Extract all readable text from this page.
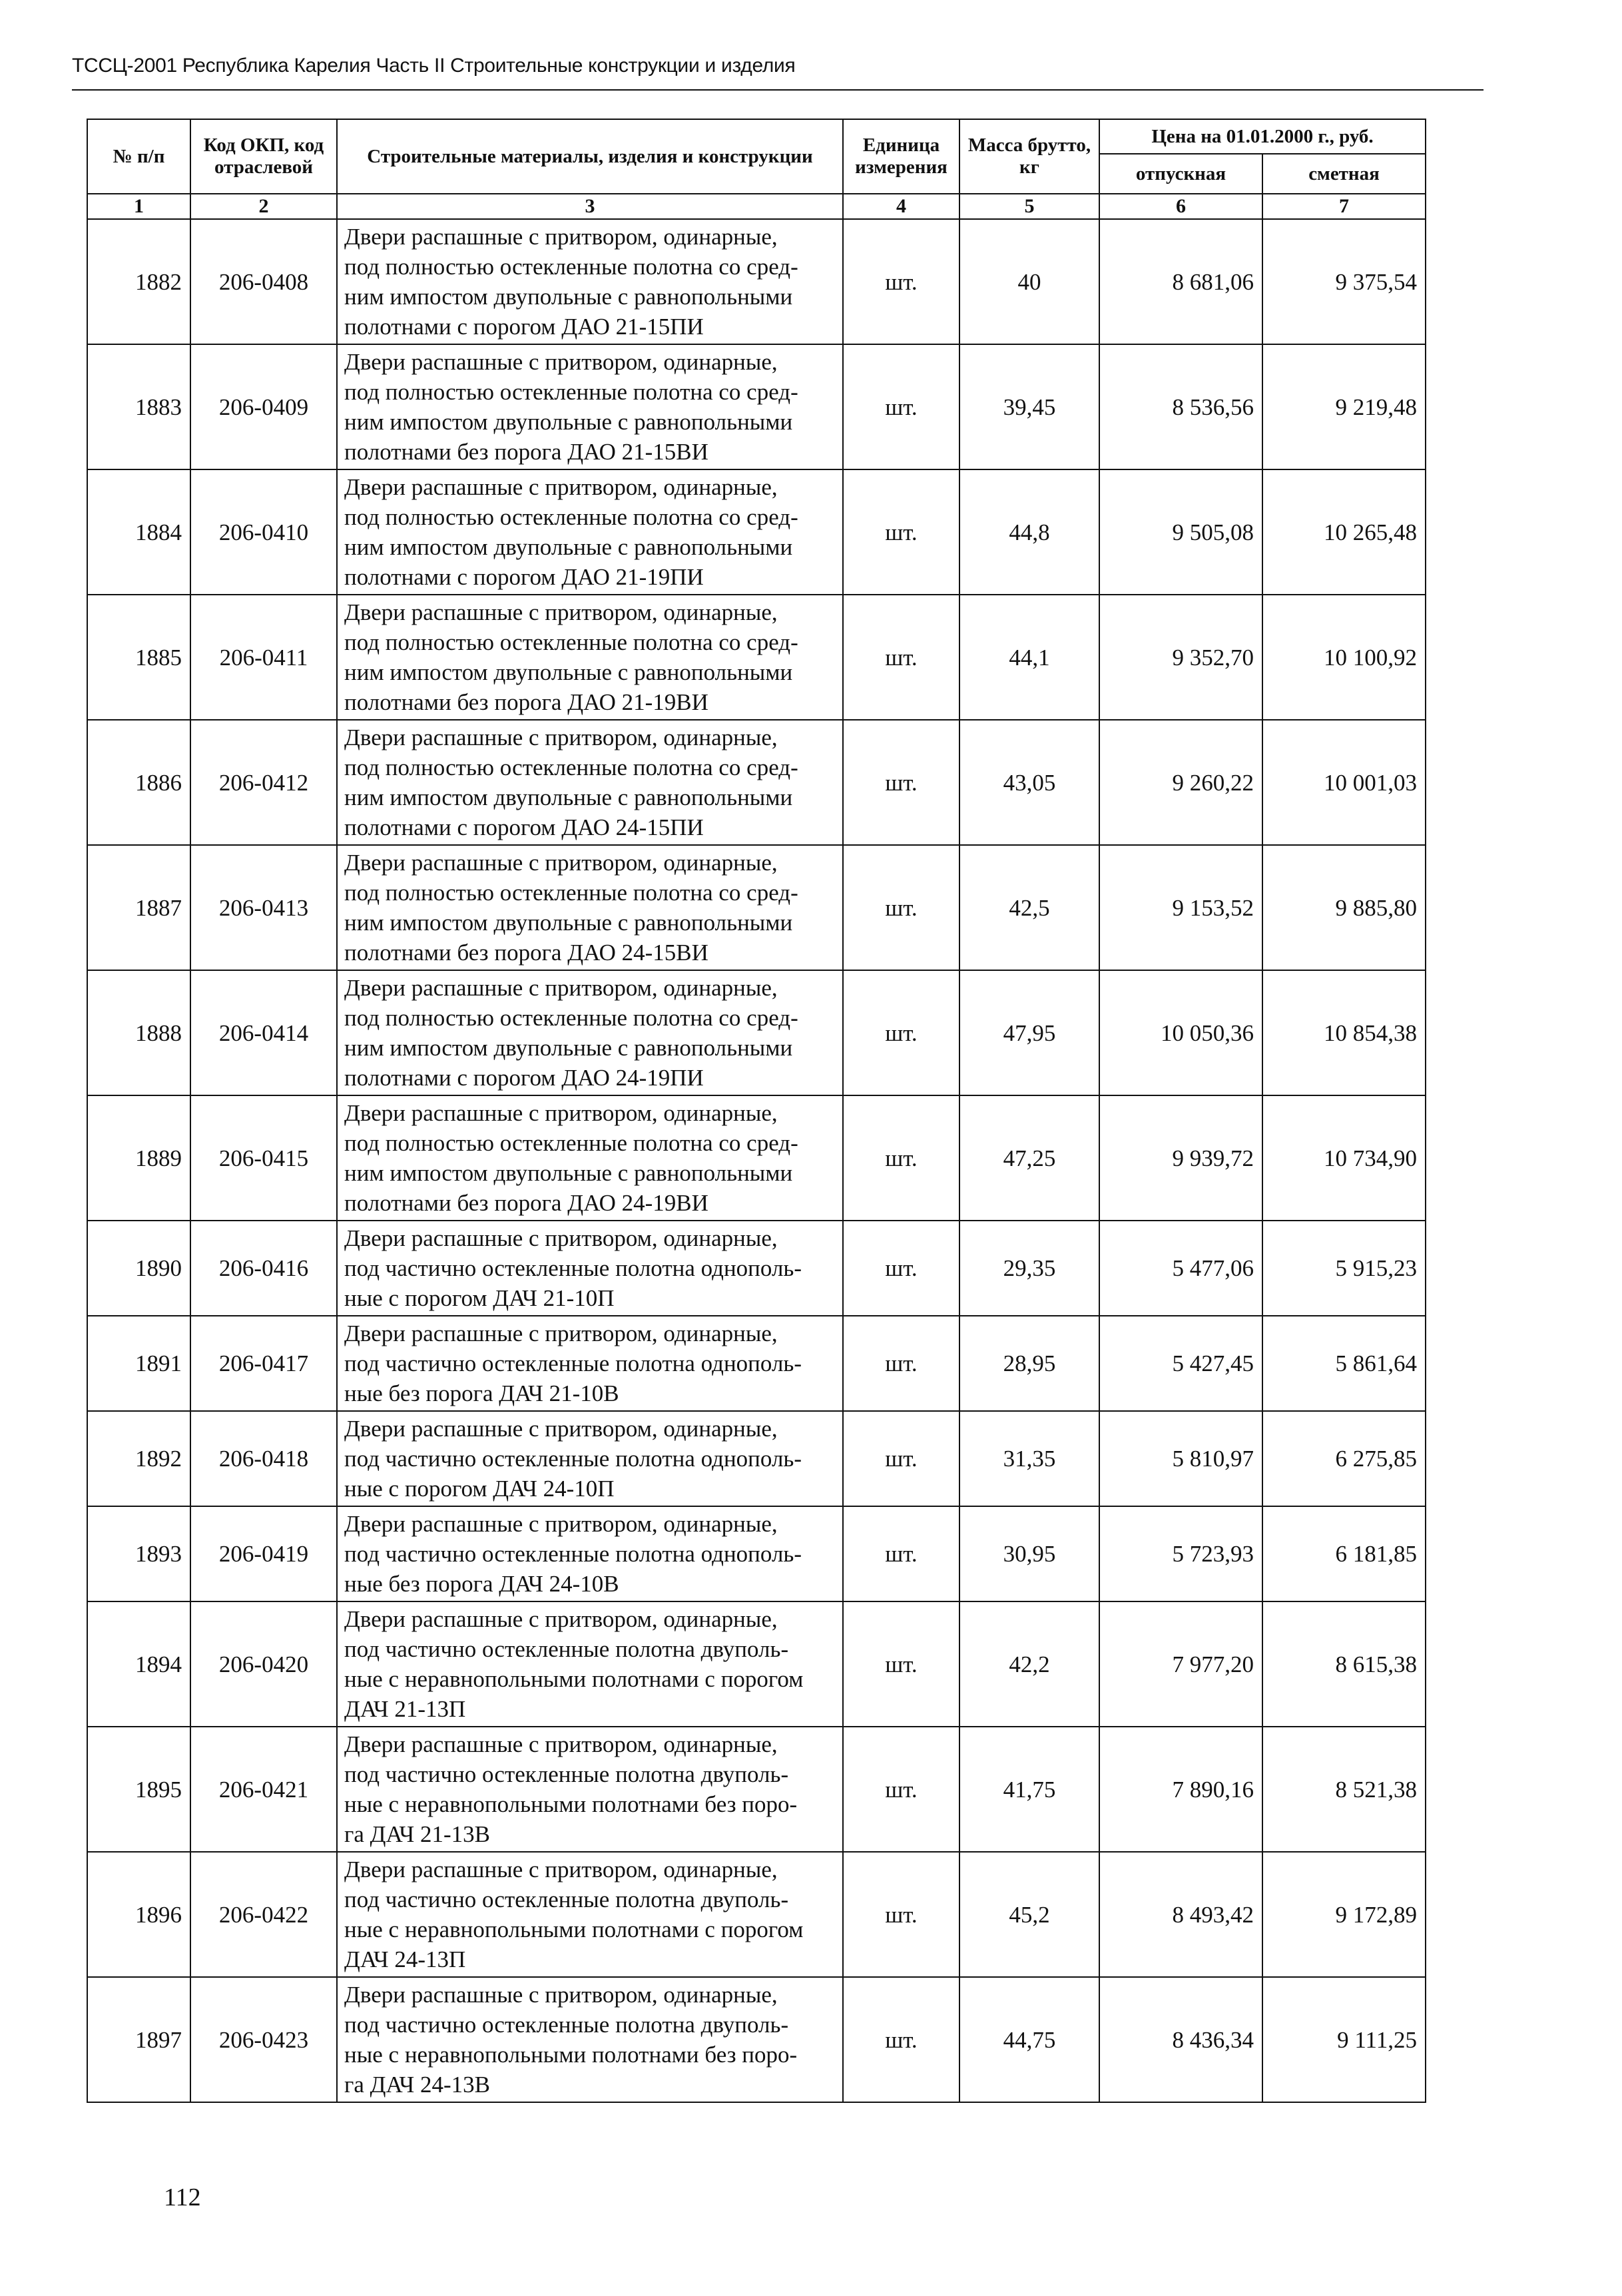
ТССЦ-2001 Республика Карелия Часть II Строительные конструкции и изделия
№ п/п	Код ОКП, код отраслевой	Строительные материалы, изделия и конструкции	Единица измерения	Масса брутто, кг	Цена на 01.01.2000 г., руб.	
					отпускная	сметная
1	2	3	4	5	6	7
1882	206-0408	Двери распашные с притвором, одинарные,
под полностью остекленные полотна со сред-
ним импостом двупольные с равнопольными
полотнами с порогом ДАО 21-15ПИ	шт.	40	8 681,06	9 375,54
1883	206-0409	Двери распашные с притвором, одинарные,
под полностью остекленные полотна со сред-
ним импостом двупольные с равнопольными
полотнами без порога ДАО 21-15ВИ	шт.	39,45	8 536,56	9 219,48
1884	206-0410	Двери распашные с притвором, одинарные,
под полностью остекленные полотна со сред-
ним импостом двупольные с равнопольными
полотнами с порогом ДАО 21-19ПИ	шт.	44,8	9 505,08	10 265,48
1885	206-0411	Двери распашные с притвором, одинарные,
под полностью остекленные полотна со сред-
ним импостом двупольные с равнопольными
полотнами без порога ДАО 21-19ВИ	шт.	44,1	9 352,70	10 100,92
1886	206-0412	Двери распашные с притвором, одинарные,
под полностью остекленные полотна со сред-
ним импостом двупольные с равнопольными
полотнами с порогом ДАО 24-15ПИ	шт.	43,05	9 260,22	10 001,03
1887	206-0413	Двери распашные с притвором, одинарные,
под полностью остекленные полотна со сред-
ним импостом двупольные с равнопольными
полотнами без порога ДАО 24-15ВИ	шт.	42,5	9 153,52	9 885,80
1888	206-0414	Двери распашные с притвором, одинарные,
под полностью остекленные полотна со сред-
ним импостом двупольные с равнопольными
полотнами с порогом ДАО 24-19ПИ	шт.	47,95	10 050,36	10 854,38
1889	206-0415	Двери распашные с притвором, одинарные,
под полностью остекленные полотна со сред-
ним импостом двупольные с равнопольными
полотнами без порога ДАО 24-19ВИ	шт.	47,25	9 939,72	10 734,90
1890	206-0416	Двери распашные с притвором, одинарные,
под частично остекленные полотна однополь-
ные с порогом ДАЧ 21-10П	шт.	29,35	5 477,06	5 915,23
1891	206-0417	Двери распашные с притвором, одинарные,
под частично остекленные полотна однополь-
ные без порога ДАЧ 21-10В	шт.	28,95	5 427,45	5 861,64
1892	206-0418	Двери распашные с притвором, одинарные,
под частично остекленные полотна однополь-
ные с порогом ДАЧ 24-10П	шт.	31,35	5 810,97	6 275,85
1893	206-0419	Двери распашные с притвором, одинарные,
под частично остекленные полотна однополь-
ные без порога ДАЧ 24-10В	шт.	30,95	5 723,93	6 181,85
1894	206-0420	Двери распашные с притвором, одинарные,
под частично остекленные полотна двуполь-
ные с неравнопольными полотнами с порогом
ДАЧ 21-13П	шт.	42,2	7 977,20	8 615,38
1895	206-0421	Двери распашные с притвором, одинарные,
под частично остекленные полотна двуполь-
ные с неравнопольными полотнами без поро-
га ДАЧ 21-13В	шт.	41,75	7 890,16	8 521,38
1896	206-0422	Двери распашные с притвором, одинарные,
под частично остекленные полотна двуполь-
ные с неравнопольными полотнами с порогом
ДАЧ 24-13П	шт.	45,2	8 493,42	9 172,89
1897	206-0423	Двери распашные с притвором, одинарные,
под частично остекленные полотна двуполь-
ные с неравнопольными полотнами без поро-
га ДАЧ 24-13В	шт.	44,75	8 436,34	9 111,25
112
